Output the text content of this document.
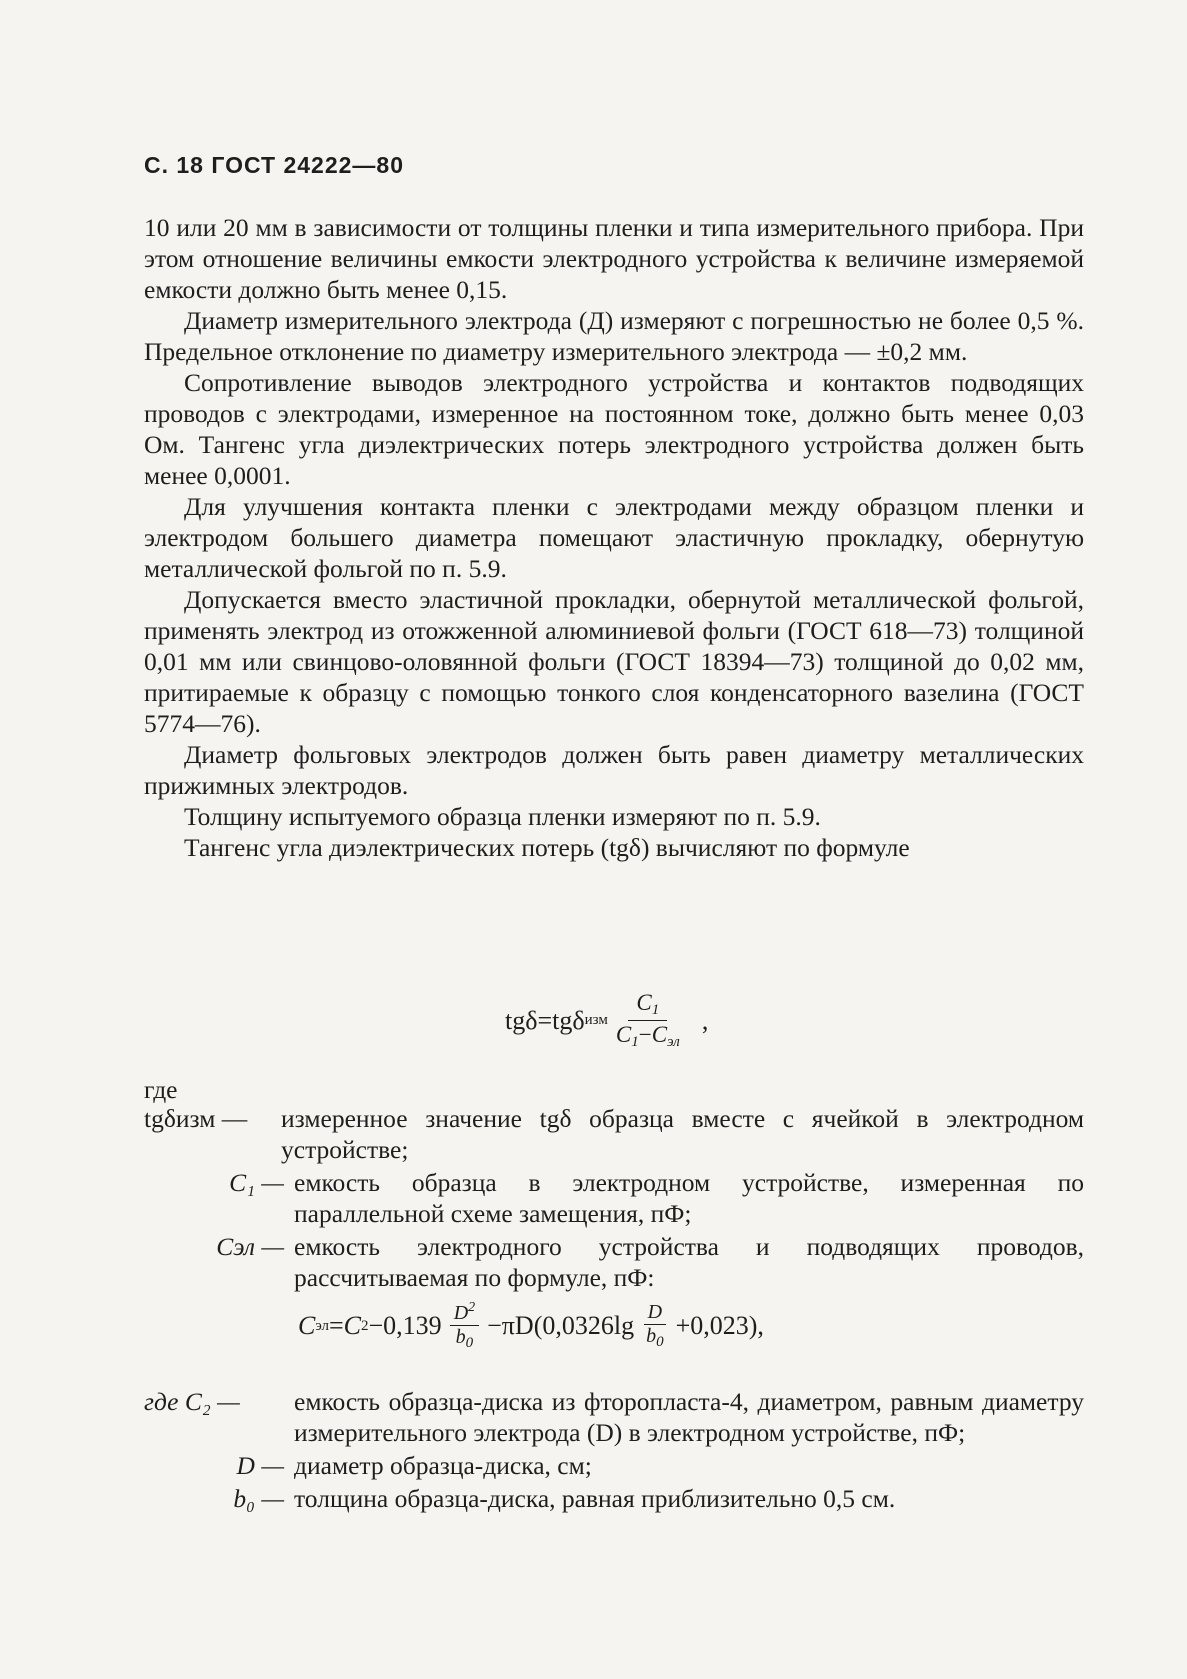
С. 18 ГОСТ 24222—80

10 или 20 мм в зависимости от толщины пленки и типа измерительного прибора. При этом отношение величины емкости электродного устройства к величине измеряемой емкости должно быть менее 0,15.

Диаметр измерительного электрода (Д) измеряют с погрешностью не более 0,5 %. Предельное отклонение по диаметру измерительного электрода — ±0,2 мм.

Сопротивление выводов электродного устройства и контактов подводящих проводов с электродами, измеренное на постоянном токе, должно быть менее 0,03 Ом. Тангенс угла диэлектрических потерь электродного устройства должен быть менее 0,0001.

Для улучшения контакта пленки с электродами между образцом пленки и электродом большего диаметра помещают эластичную прокладку, обернутую металлической фольгой по п. 5.9.

Допускается вместо эластичной прокладки, обернутой металлической фольгой, применять электрод из отожженной алюминиевой фольги (ГОСТ 618—73) толщиной 0,01 мм или свинцово-оловянной фольги (ГОСТ 18394—73) толщиной до 0,02 мм, притираемые к образцу с помощью тонкого слоя конденсаторного вазелина (ГОСТ 5774—76).

Диаметр фольговых электродов должен быть равен диаметру металлических прижимных электродов.

Толщину испытуемого образца пленки измеряют по п. 5.9.

Тангенс угла диэлектрических потерь (tgδ) вычисляют по формуле

tgδ=tgδ изм $\frac{C_1}{C_1-C_{эл}}$ ,
где
tgδизм —	измеренное значение tgδ образца вместе с ячейкой в электродном устройстве;
C₁ — емкость образца в электродном устройстве, измеренная по параллельной схеме замещения, пФ;
Cэл — емкость электродного устройства и подводящих проводов, рассчитываемая по формуле, пФ:
C эл = C $2 -0,139 \frac{D^2}{b_0} -\pi D(0,0326\lg \frac{D}{b_0} +0,023)$,
где C₂ —	емкость образца-диска из фторопласта-4, диаметром, равным диаметру измерительного электрода (D) в электродном устройстве, пФ;
D — диаметр образца-диска, см;
b₀ — толщина образца-диска, равная приблизительно 0,5 см.
